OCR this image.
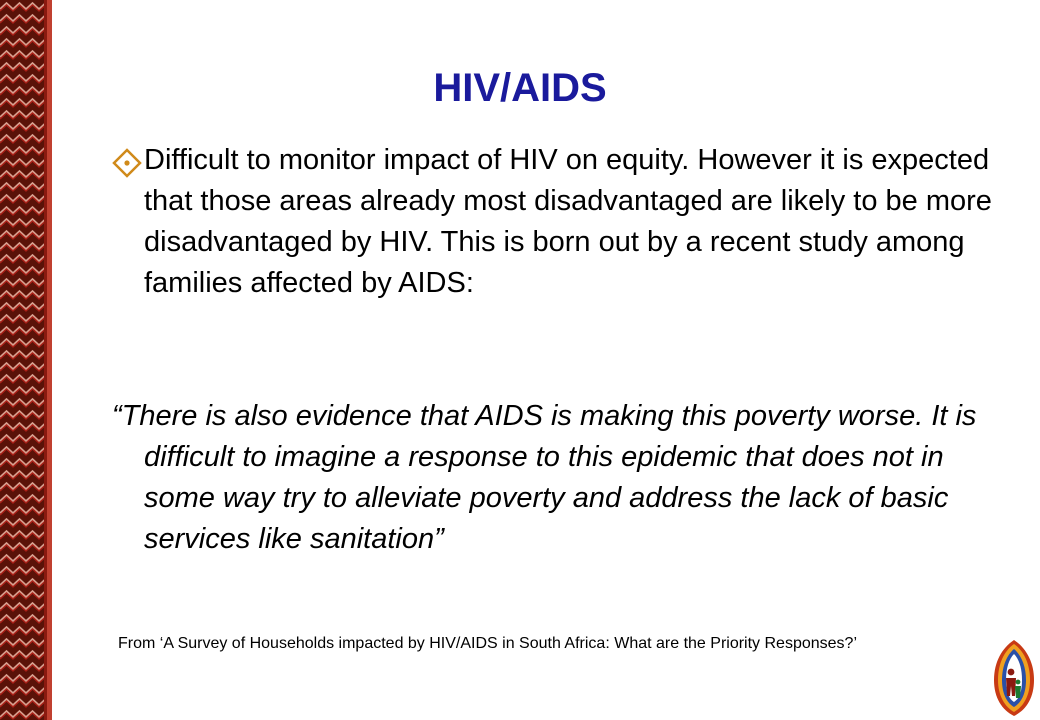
HIV/AIDS

Difficult to monitor impact of HIV on equity. However it is expected that those areas already most disadvantaged are likely to be more disadvantaged by HIV. This is born out by a recent study among families affected by AIDS:

“There is also evidence that AIDS is making this poverty worse. It is difficult to imagine a response to this epidemic that does not in some way try to alleviate poverty and address the lack of basic services like sanitation”

From ‘A Survey of Households impacted by HIV/AIDS in South Africa: What are the Priority Responses?’
